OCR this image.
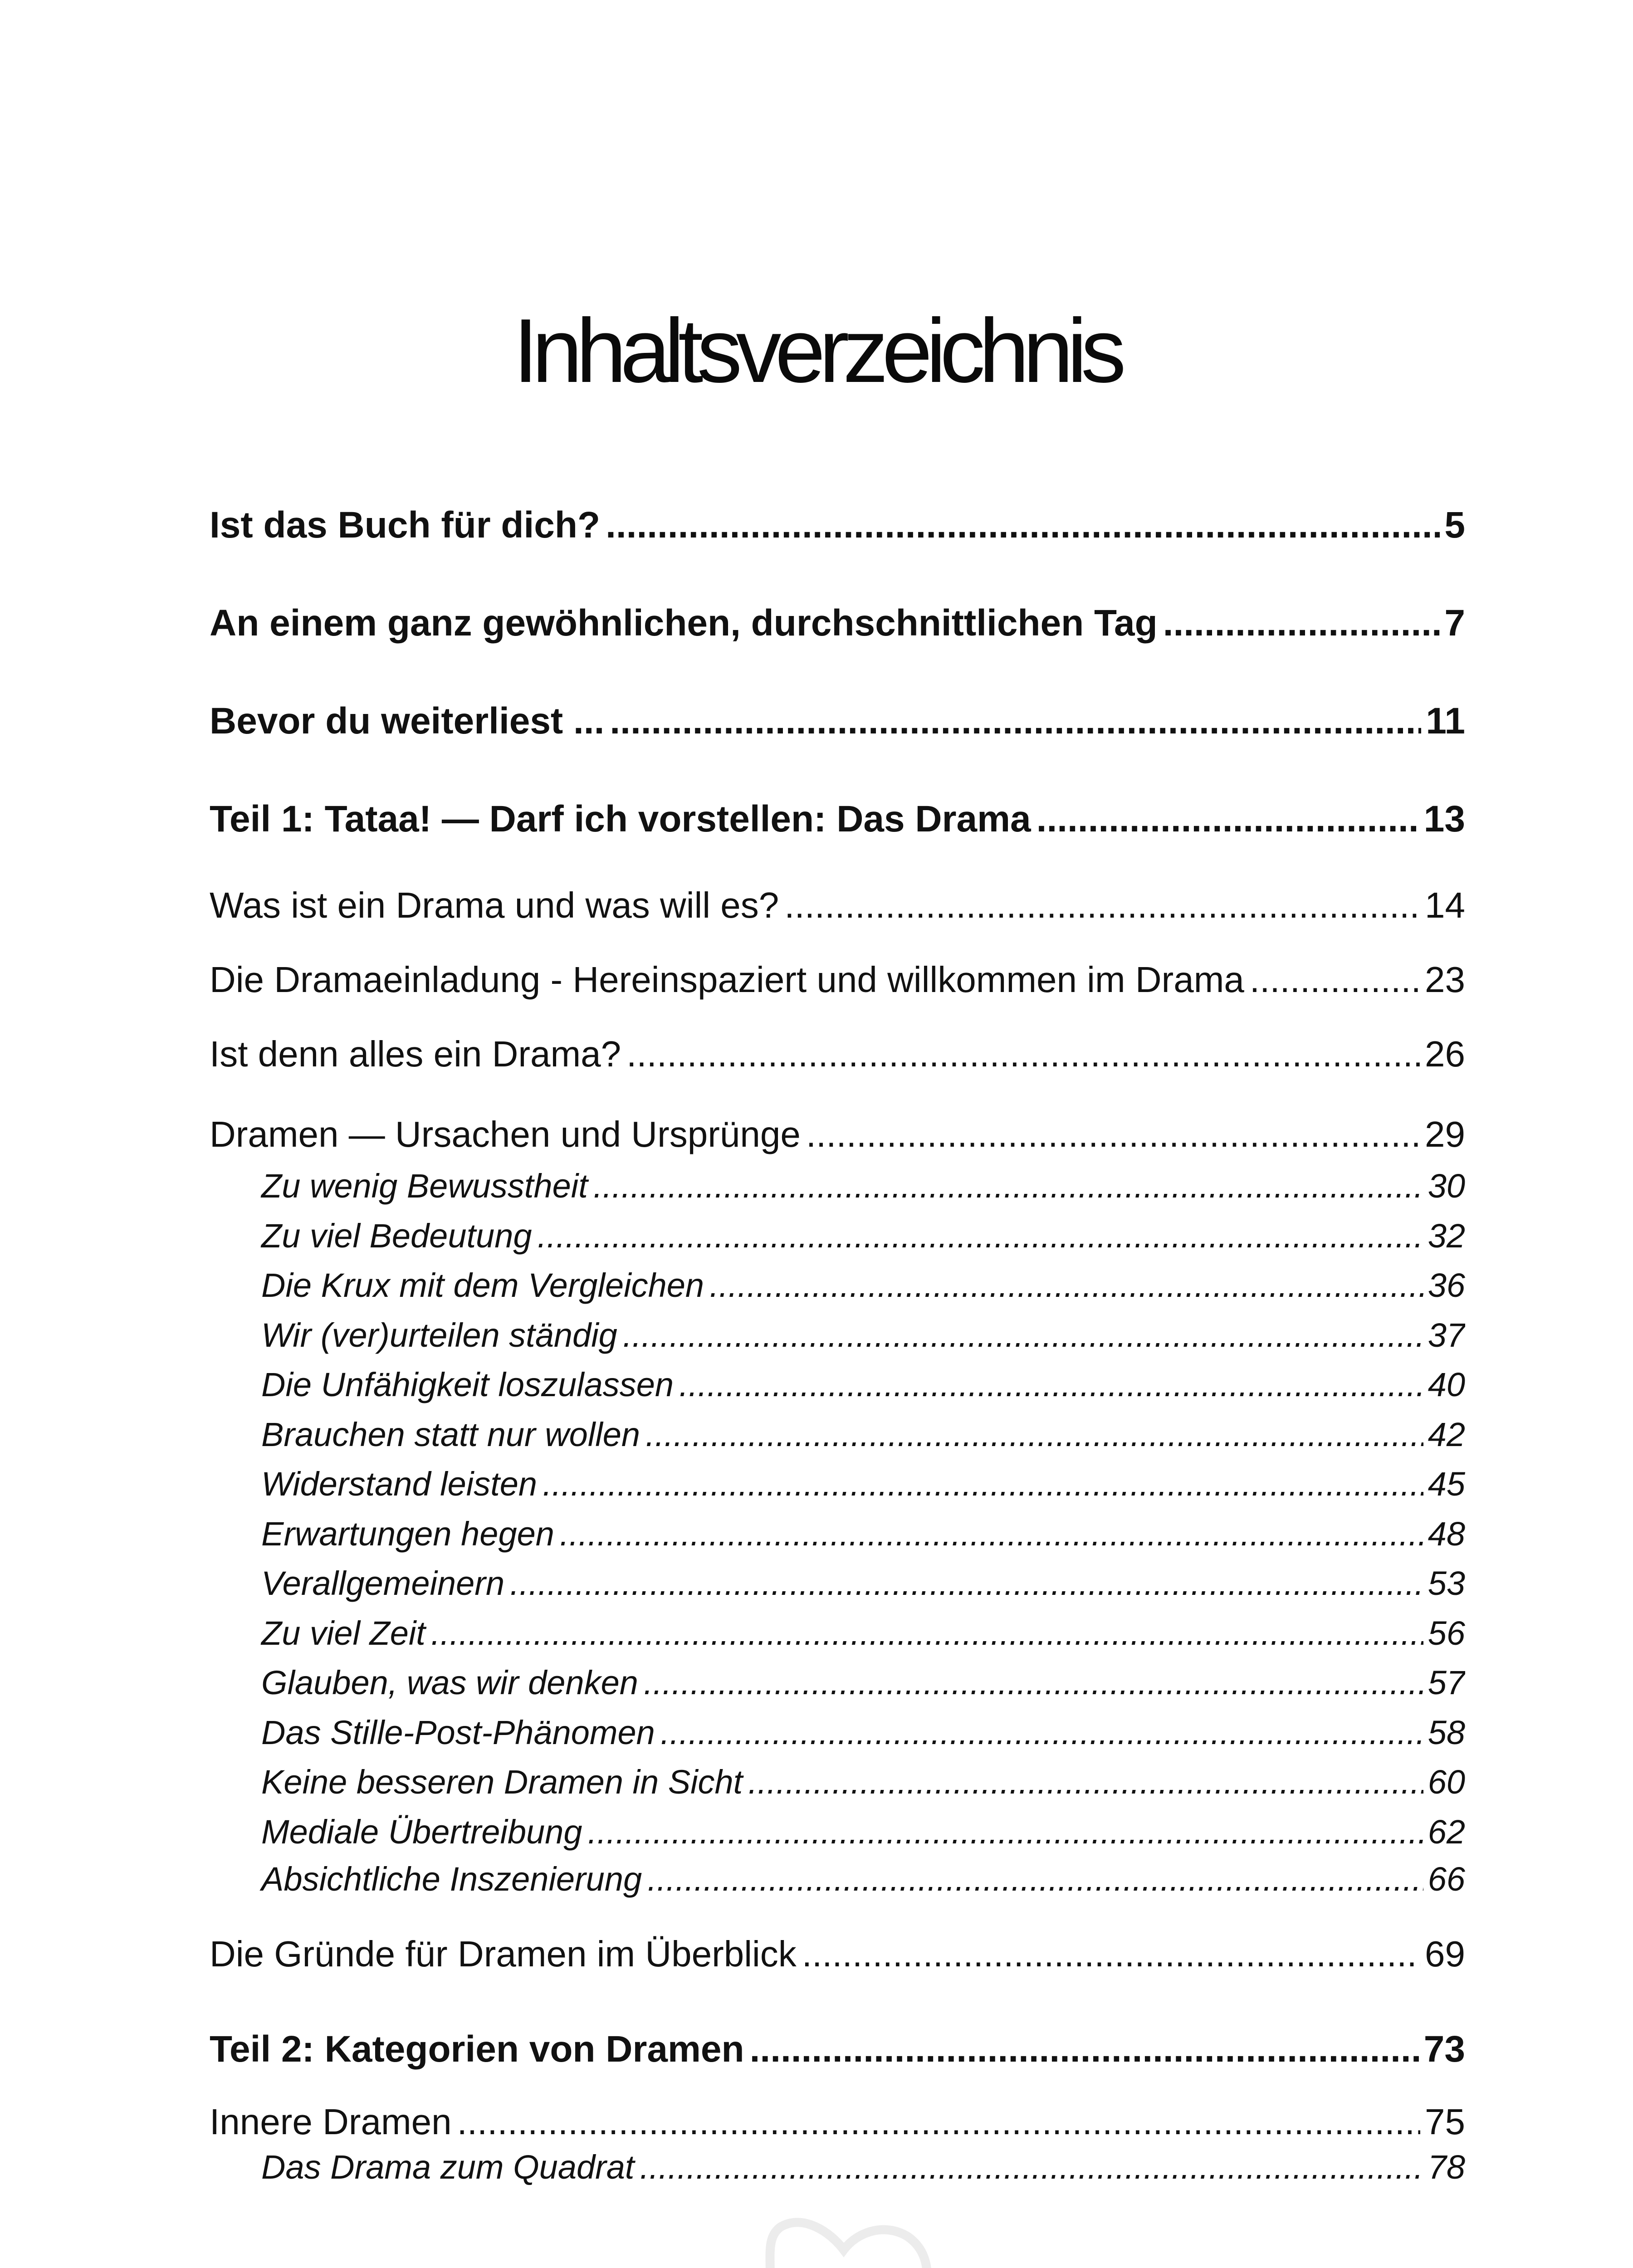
Inhaltsverzeichnis
Ist das Buch für dich? .....	5
An einem ganz gewöhnlichen, durchschnittlichen Tag .....	7
Bevor du weiterliest ... .....	11
Teil 1: Tataa! — Darf ich vorstellen: Das Drama .....	13
Was ist ein Drama und was will es? .....	14
Die Dramaeinladung - Hereinspaziert und willkommen im Drama .....	23
Ist denn alles ein Drama? .....	26
Dramen — Ursachen und Ursprünge .....	29
Zu wenig Bewusstheit .....	30
Zu viel Bedeutung .....	32
Die Krux mit dem Vergleichen .....	36
Wir (ver)urteilen ständig .....	37
Die Unfähigkeit loszulassen .....	40
Brauchen statt nur wollen .....	42
Widerstand leisten .....	45
Erwartungen hegen .....	48
Verallgemeinern .....	53
Zu viel Zeit .....	56
Glauben, was wir denken .....	57
Das Stille-Post-Phänomen .....	58
Keine besseren Dramen in Sicht .....	60
Mediale Übertreibung .....	62
Absichtliche Inszenierung .....	66
Die Gründe für Dramen im Überblick .....	69
Teil 2: Kategorien von Dramen .....	73
Innere Dramen .....	75
Das Drama zum Quadrat .....	78
